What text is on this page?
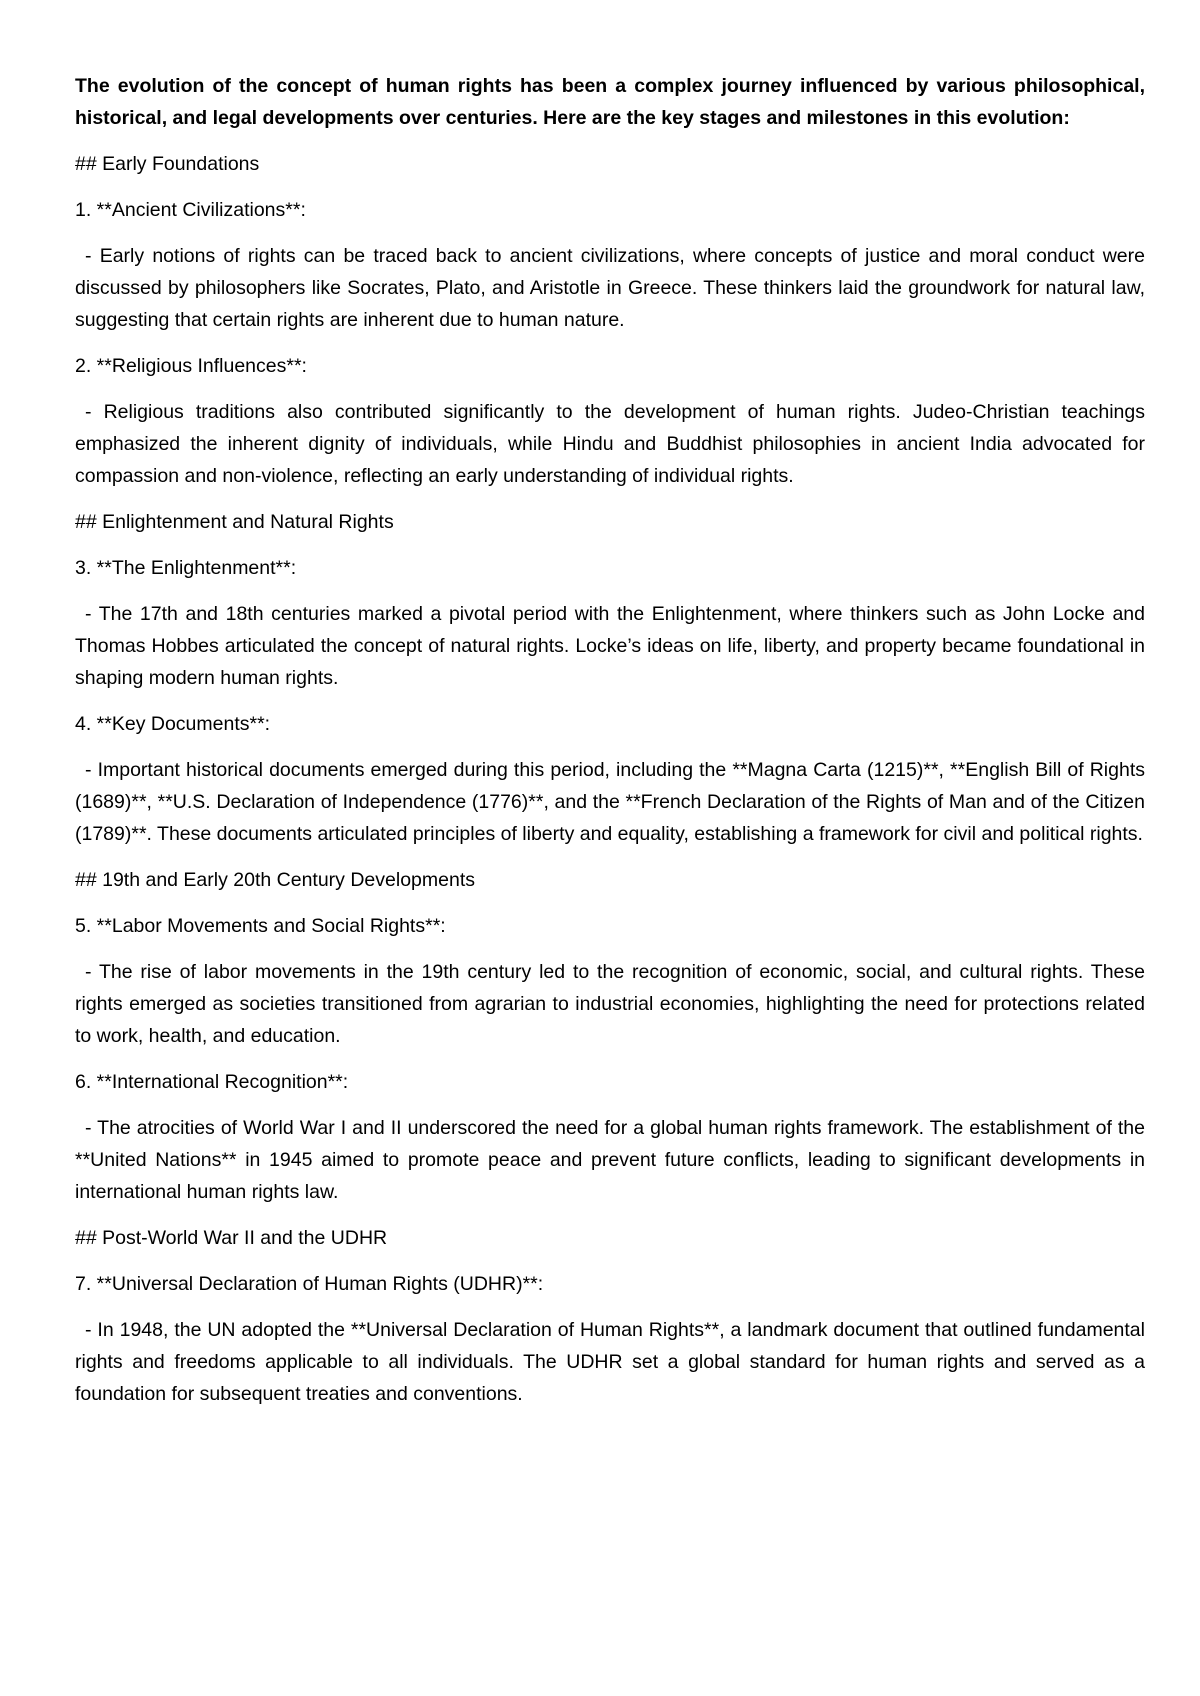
The evolution of the concept of human rights has been a complex journey influenced by various philosophical, historical, and legal developments over centuries. Here are the key stages and milestones in this evolution:

## Early Foundations

1. **Ancient Civilizations**:

- Early notions of rights can be traced back to ancient civilizations, where concepts of justice and moral conduct were discussed by philosophers like Socrates, Plato, and Aristotle in Greece. These thinkers laid the groundwork for natural law, suggesting that certain rights are inherent due to human nature.

2. **Religious Influences**:

- Religious traditions also contributed significantly to the development of human rights. Judeo-Christian teachings emphasized the inherent dignity of individuals, while Hindu and Buddhist philosophies in ancient India advocated for compassion and non-violence, reflecting an early understanding of individual rights.

## Enlightenment and Natural Rights

3. **The Enlightenment**:

- The 17th and 18th centuries marked a pivotal period with the Enlightenment, where thinkers such as John Locke and Thomas Hobbes articulated the concept of natural rights. Locke’s ideas on life, liberty, and property became foundational in shaping modern human rights.

4. **Key Documents**:

- Important historical documents emerged during this period, including the **Magna Carta (1215)**, **English Bill of Rights (1689)**, **U.S. Declaration of Independence (1776)**, and the **French Declaration of the Rights of Man and of the Citizen (1789)**. These documents articulated principles of liberty and equality, establishing a framework for civil and political rights.

## 19th and Early 20th Century Developments

5. **Labor Movements and Social Rights**:

- The rise of labor movements in the 19th century led to the recognition of economic, social, and cultural rights. These rights emerged as societies transitioned from agrarian to industrial economies, highlighting the need for protections related to work, health, and education.

6. **International Recognition**:

- The atrocities of World War I and II underscored the need for a global human rights framework. The establishment of the **United Nations** in 1945 aimed to promote peace and prevent future conflicts, leading to significant developments in international human rights law.

## Post-World War II and the UDHR

7. **Universal Declaration of Human Rights (UDHR)**:

- In 1948, the UN adopted the **Universal Declaration of Human Rights**, a landmark document that outlined fundamental rights and freedoms applicable to all individuals. The UDHR set a global standard for human rights and served as a foundation for subsequent treaties and conventions.
